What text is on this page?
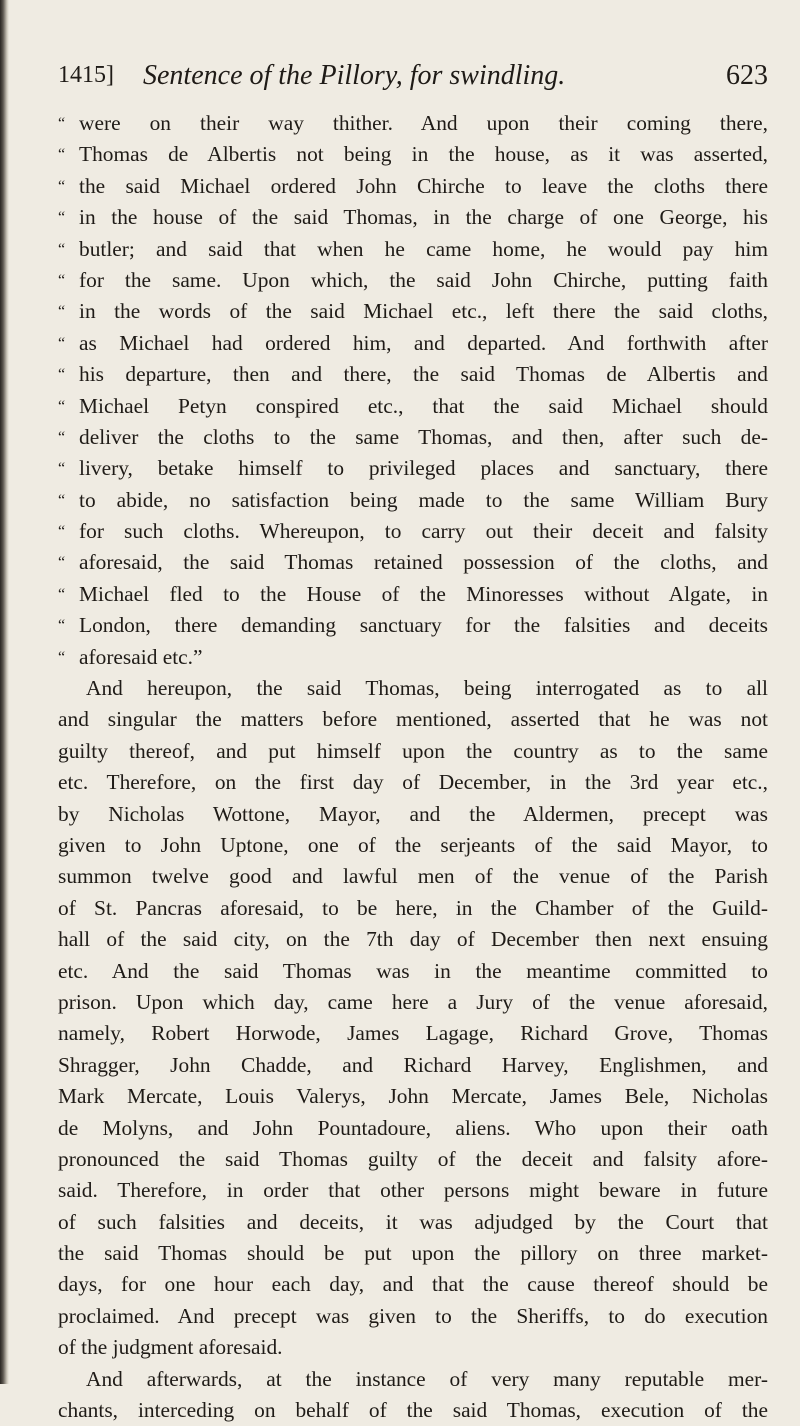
1415] Sentence of the Pillory, for swindling.	623
“ were on their way thither. And upon their coming there,
“ Thomas de Albertis not being in the house, as it was asserted,
“ the said Michael ordered John Chirche to leave the cloths there
“ in the house of the said Thomas, in the charge of one George, his
“ butler; and said that when he came home, he would pay him
“ for the same. Upon which, the said John Chirche, putting faith
“ in the words of the said Michael etc., left there the said cloths,
“ as Michael had ordered him, and departed. And forthwith after
“ his departure, then and there, the said Thomas de Albertis and
“ Michael Petyn conspired etc., that the said Michael should
“ deliver the cloths to the same Thomas, and then, after such de-
“ livery, betake himself to privileged places and sanctuary, there
“ to abide, no satisfaction being made to the same William Bury
“ for such cloths. Whereupon, to carry out their deceit and falsity
“ aforesaid, the said Thomas retained possession of the cloths, and
“ Michael fled to the House of the Minoresses without Algate, in
“ London, there demanding sanctuary for the falsities and deceits
“ aforesaid etc.”
And hereupon, the said Thomas, being interrogated as to all
and singular the matters before mentioned, asserted that he was not
guilty thereof, and put himself upon the country as to the same
etc. Therefore, on the first day of December, in the 3rd year etc.,
by Nicholas Wottone, Mayor, and the Aldermen, precept was
given to John Uptone, one of the serjeants of the said Mayor, to
summon twelve good and lawful men of the venue of the Parish
of St. Pancras aforesaid, to be here, in the Chamber of the Guild-
hall of the said city, on the 7th day of December then next ensuing
etc. And the said Thomas was in the meantime committed to
prison. Upon which day, came here a Jury of the venue aforesaid,
namely, Robert Horwode, James Lagage, Richard Grove, Thomas
Shragger, John Chadde, and Richard Harvey, Englishmen, and
Mark Mercate, Louis Valerys, John Mercate, James Bele, Nicholas
de Molyns, and John Pountadoure, aliens. Who upon their oath
pronounced the said Thomas guilty of the deceit and falsity afore-
said. Therefore, in order that other persons might beware in future
of such falsities and deceits, it was adjudged by the Court that
the said Thomas should be put upon the pillory on three market-
days, for one hour each day, and that the cause thereof should be
proclaimed. And precept was given to the Sheriffs, to do execution
of the judgment aforesaid.
And afterwards, at the instance of very many reputable mer-
chants, interceding on behalf of the said Thomas, execution of the
